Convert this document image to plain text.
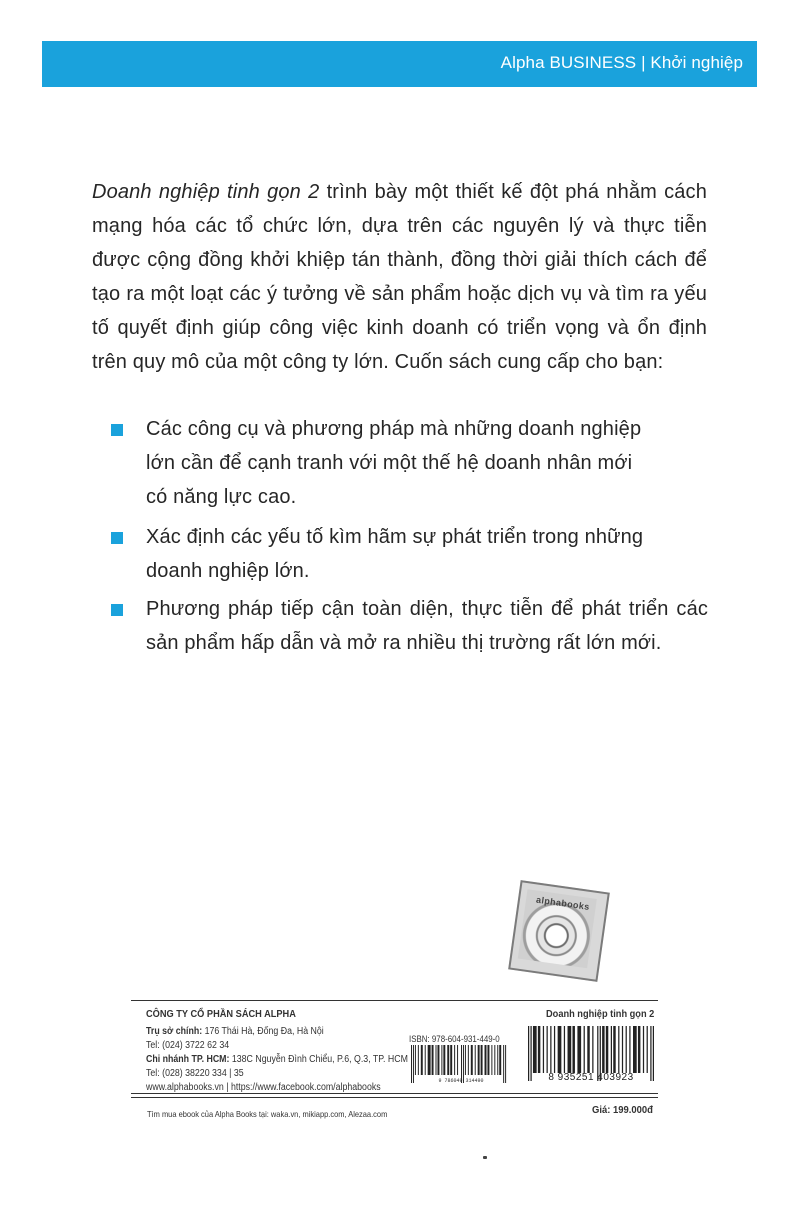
Alpha BUSINESS | Khởi nghiệp

Doanh nghiệp tinh gọn 2 trình bày một thiết kế đột phá nhằm cách mạng hóa các tổ chức lớn, dựa trên các nguyên lý và thực tiễn được cộng đồng khởi khiệp tán thành, đồng thời giải thích cách để tạo ra một loạt các ý tưởng về sản phẩm hoặc dịch vụ và tìm ra yếu tố quyết định giúp công việc kinh doanh có triển vọng và ổn định trên quy mô của một công ty lớn. Cuốn sách cung cấp cho bạn:

Các công cụ và phương pháp mà những doanh nghiệp
lớn cần để cạnh tranh với một thế hệ doanh nhân mới
có năng lực cao.
Xác định các yếu tố kìm hãm sự phát triển trong những
doanh nghiệp lớn.
Phương pháp tiếp cận toàn diện, thực tiễn để phát triển các sản phẩm hấp dẫn và mở ra nhiều thị trường rất lớn mới.
alphabooks
CÔNG TY CỔ PHẦN SÁCH ALPHA
Trụ sở chính: 176 Thái Hà, Đống Đa, Hà Nội
Tel: (024) 3722 62 34
Chi nhánh TP. HCM: 138C Nguyễn Đình Chiểu, P.6, Q.3, TP. HCM
Tel: (028) 38220 334 | 35
www.alphabooks.vn | https://www.facebook.com/alphabooks
ISBN: 978-604-931-449-0
Doanh nghiệp tinh gọn 2
9 786049 314490	8 935251 403923
Tìm mua ebook của Alpha Books tại: waka.vn, mikiapp.com, Alezaa.com	Giá: 199.000đ
